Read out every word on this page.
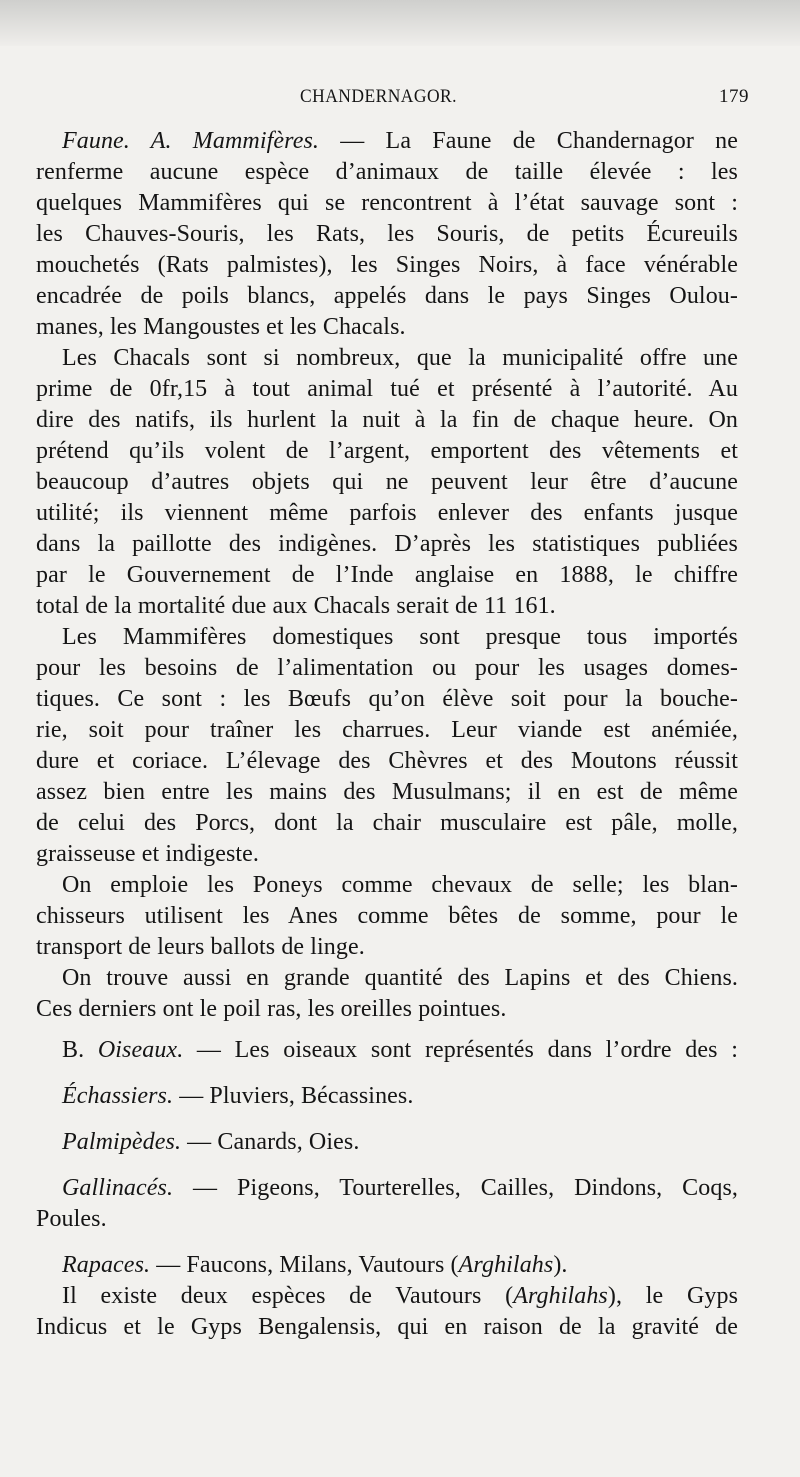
CHANDERNAGOR.	179
Faune. A. Mammifères. — La Faune de Chandernagor ne
renferme aucune espèce d’animaux de taille élevée : les
quelques Mammifères qui se rencontrent à l’état sauvage sont :
les Chauves-Souris, les Rats, les Souris, de petits Écureuils
mouchetés (Rats palmistes), les Singes Noirs, à face vénérable
encadrée de poils blancs, appelés dans le pays Singes Oulou-
manes, les Mangoustes et les Chacals.
Les Chacals sont si nombreux, que la municipalité offre une
prime de 0fr,15 à tout animal tué et présenté à l’autorité. Au
dire des natifs, ils hurlent la nuit à la fin de chaque heure. On
prétend qu’ils volent de l’argent, emportent des vêtements et
beaucoup d’autres objets qui ne peuvent leur être d’aucune
utilité; ils viennent même parfois enlever des enfants jusque
dans la paillotte des indigènes. D’après les statistiques publiées
par le Gouvernement de l’Inde anglaise en 1888, le chiffre
total de la mortalité due aux Chacals serait de 11 161.
Les Mammifères domestiques sont presque tous importés
pour les besoins de l’alimentation ou pour les usages domes-
tiques. Ce sont : les Bœufs qu’on élève soit pour la bouche-
rie, soit pour traîner les charrues. Leur viande est anémiée,
dure et coriace. L’élevage des Chèvres et des Moutons réussit
assez bien entre les mains des Musulmans; il en est de même
de celui des Porcs, dont la chair musculaire est pâle, molle,
graisseuse et indigeste.
On emploie les Poneys comme chevaux de selle; les blan-
chisseurs utilisent les Anes comme bêtes de somme, pour le
transport de leurs ballots de linge.
On trouve aussi en grande quantité des Lapins et des Chiens.
Ces derniers ont le poil ras, les oreilles pointues.
B. Oiseaux. — Les oiseaux sont représentés dans l’ordre des :
Échassiers. — Pluviers, Bécassines.
Palmipèdes. — Canards, Oies.
Gallinacés. — Pigeons, Tourterelles, Cailles, Dindons, Coqs,
Poules.
Rapaces. — Faucons, Milans, Vautours (Arghilahs).
Il existe deux espèces de Vautours (Arghilahs), le Gyps
Indicus et le Gyps Bengalensis, qui en raison de la gravité de
